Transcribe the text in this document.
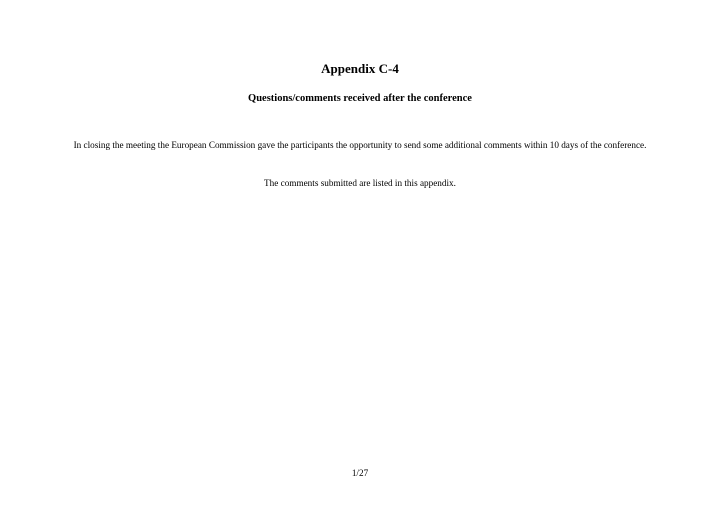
Appendix C-4
Questions/comments received after the conference
In closing the meeting the European Commission gave the participants the opportunity to send some additional comments within 10 days of the conference.
The comments submitted are listed in this appendix.
1/27
